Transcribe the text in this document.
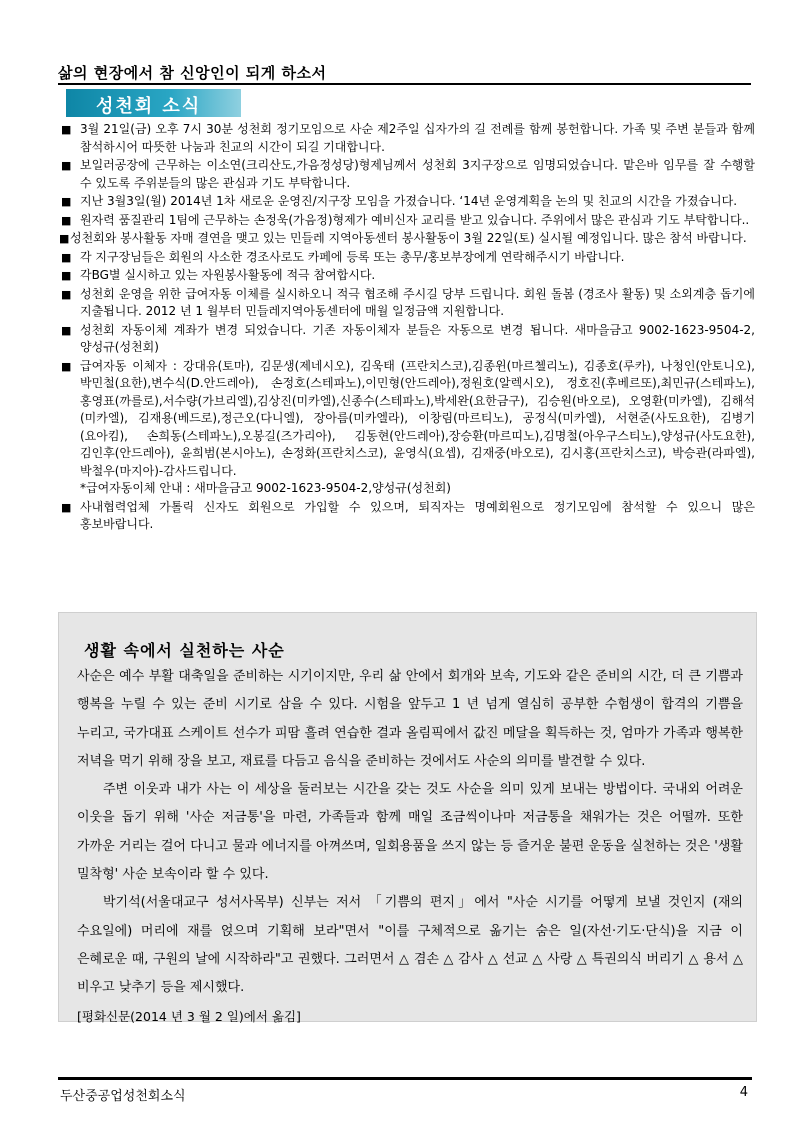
삶의 현장에서 참 신앙인이 되게 하소서
성천회 소식
■ 3월 21일(금) 오후 7시 30분 성천회 정기모임으로 사순 제2주일 십자가의 길 전례를 함께 봉헌합니다. 가족 및 주변 분들과 함께 참석하시어 따뜻한 나눔과 친교의 시간이 되길 기대합니다.
■ 보일러공장에 근무하는 이소연(크리산도,가음정성당)형제님께서 성천회 3지구장으로 임명되었습니다. 맡은바 임무를 잘 수행할 수 있도록 주위분들의 많은 관심과 기도 부탁합니다.
■ 지난 3월3일(월) 2014년 1차 새로운 운영진/지구장 모임을 가졌습니다. ‘14년 운영계획을 논의 및 친교의 시간을 가졌습니다.
■ 원자력 품질관리 1팀에 근무하는 손정욱(가음정)형제가 예비신자 교리를 받고 있습니다. 주위에서 많은 관심과 기도 부탁합니다..
■ 성천회와 봉사활동 자매 결연을 맺고 있는 민들레 지역아동센터 봉사활동이 3월 22일(토) 실시될 예정입니다. 많은 참석 바랍니다.
■ 각 지구장님들은 회원의 사소한 경조사로도 카페에 등록 또는 총무/홍보부장에게 연락해주시기 바랍니다.
■ 각BG별 실시하고 있는 자원봉사활동에 적극 참여합시다.
■ 성천회 운영을 위한 급여자동 이체를 실시하오니 적극 협조해 주시길 당부 드립니다. 회원 돌봄 (경조사 활동) 및 소외계층 돕기에 지출됩니다. 2012 년 1 월부터 민들레지역아동센터에 매월 일정금액 지원합니다.
■ 성천회 자동이체 계좌가 변경 되었습니다. 기존 자동이체자 분들은 자동으로 변경 됩니다. 새마을금고 9002-1623-9504-2,양성규(성천회)
■ 급여자동 이체자 : 강대유(토마), 김문생(제네시오), 김욱태 (프란치스코),김종윈(마르첼리노), 김종호(루카), 나청인(안토니오),박민철(요한),변수식(D.안드레아), 손정호(스테파노),이민형(안드레아),정원호(알렉시오), 정호진(후베르또),최민규(스테파노),홍영표(까를로),서수량(가브리엘),김상진(미카엘),신종수(스테파노),박세완(요한금구), 김승원(바오로), 오영환(미카엘), 김해석(미카엘), 김재용(베드로),정근오(다니엘), 장아름(미카엘라), 이창림(마르티노), 공정식(미카엘), 서현준(사도요한), 김병기(요아킴), 손희동(스테파노),오봉길(즈가리아), 김동현(안드레아),장승환(마르띠노),김명철(아우구스티노),양성규(사도요한),김인후(안드레아), 윤희범(본시아노), 손정화(프란치스코), 윤영식(요셉), 김재중(바오로), 김시홍(프란치스코), 박승관(라파엘),박철우(마지아)-감사드립니다.
*급여자동이체 안내 : 새마을금고 9002-1623-9504-2,양성규(성천회)
■ 사내협력업체 가톨릭 신자도 회원으로 가입할 수 있으며, 퇴직자는 명예회원으로 정기모임에 참석할 수 있으니 많은 홍보바랍니다.
생활 속에서 실천하는 사순

사순은 예수 부활 대축일을 준비하는 시기이지만, 우리 삶 안에서 회개와 보속, 기도와 같은 준비의 시간, 더 큰 기쁨과 행복을 누릴 수 있는 준비 시기로 삼을 수 있다. 시험을 앞두고 1 년 넘게 열심히 공부한 수험생이 합격의 기쁨을 누리고, 국가대표 스케이트 선수가 피땀 흘려 연습한 결과 올림픽에서 값진 메달을 획득하는 것, 엄마가 가족과 행복한 저녁을 먹기 위해 장을 보고, 재료를 다듬고 음식을 준비하는 것에서도 사순의 의미를 발견할 수 있다.

주변 이웃과 내가 사는 이 세상을 둘러보는 시간을 갖는 것도 사순을 의미 있게 보내는 방법이다. 국내외 어려운 이웃을 돕기 위해 '사순 저금통'을 마련, 가족들과 함께 매일 조금씩이나마 저금통을 채워가는 것은 어떨까. 또한 가까운 거리는 걸어 다니고 물과 에너지를 아껴쓰며, 일회용품을 쓰지 않는 등 즐거운 불편 운동을 실천하는 것은 '생활 밀착형' 사순 보속이라 할 수 있다.

박기석(서울대교구 성서사목부) 신부는 저서 「기쁨의 편지」에서 "사순 시기를 어떻게 보낼 것인지 (재의 수요일에) 머리에 재를 얹으며 기획해 보라"면서 "이를 구체적으로 옮기는 숨은 일(자선·기도·단식)을 지금 이 은혜로운 때, 구원의 날에 시작하라"고 권했다. 그러면서 △ 겸손 △ 감사 △ 선교 △ 사랑 △ 특권의식 버리기 △ 용서 △ 비우고 낮추기 등을 제시했다.

[평화신문(2014 년 3 월 2 일)에서 옮김]

두산중공업성천회소식	4
